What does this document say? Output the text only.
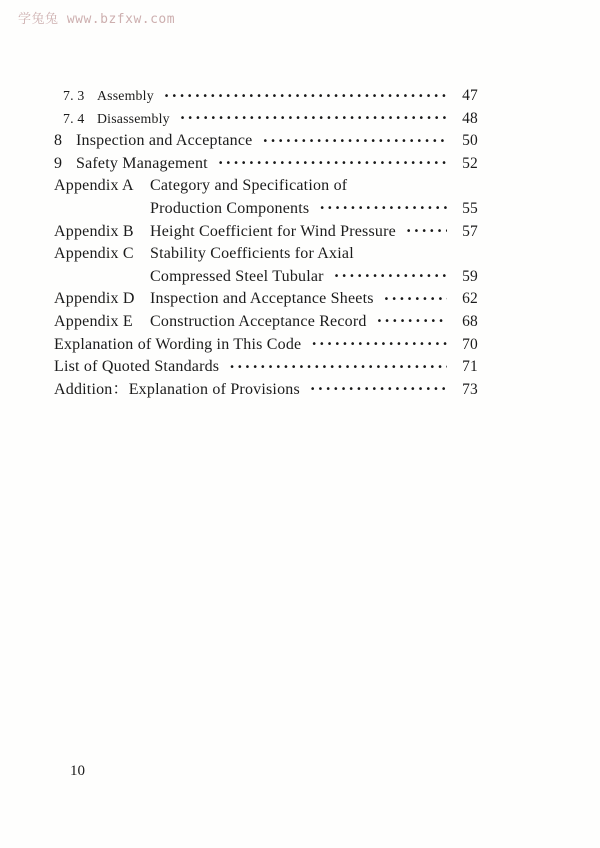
学兔兔 www.bzfxw.com
7. 3 Assembly •••••	47
7. 4 Disassembly •••••	48
8 Inspection and Acceptance •••••	50
9 Safety Management •••••	52
Appendix A	Category and Specification of
Production Components •••••	55
Appendix B	Height Coefficient for Wind Pressure •••••	57
Appendix C	Stability Coefficients for Axial
Compressed Steel Tubular •••••	59
Appendix D Inspection and Acceptance Sheets •••••	62
Appendix E	Construction Acceptance Record •••••	68
Explanation of Wording in This Code •••••	70
List of Quoted Standards •••••	71
Addition：Explanation of Provisions •••••	73
10
